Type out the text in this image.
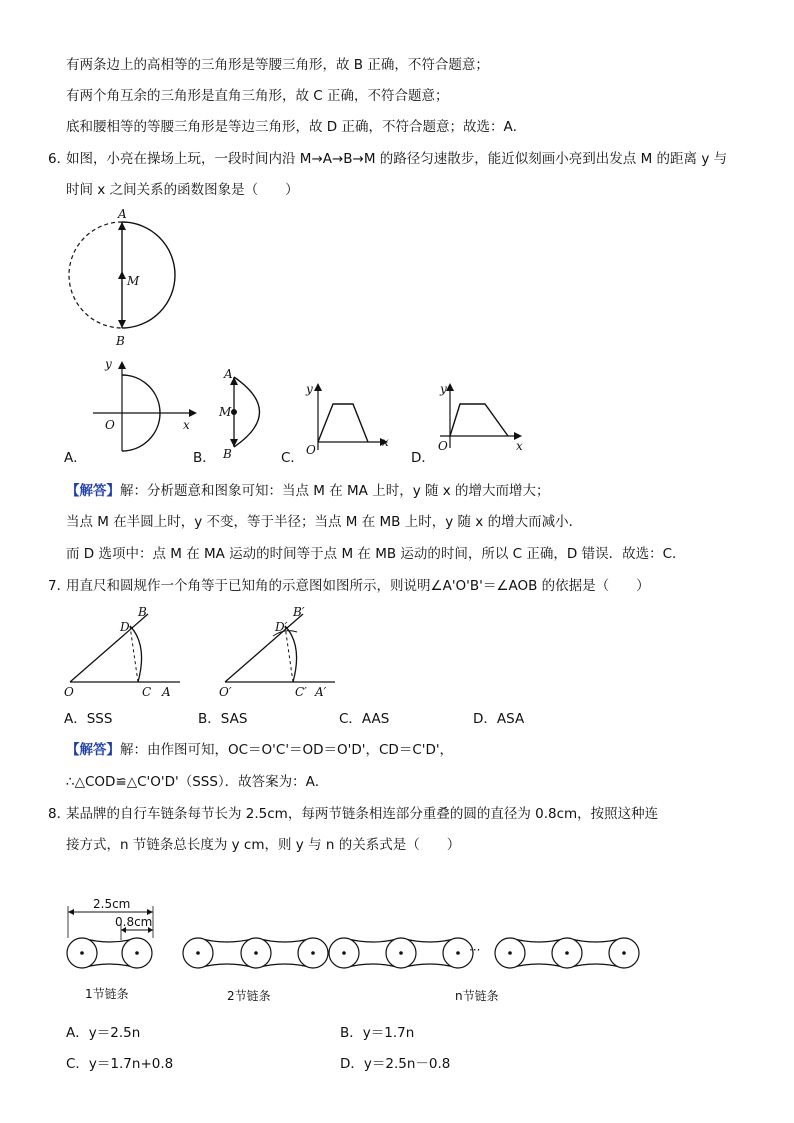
有两条边上的高相等的三角形是等腰三角形，故 B 正确，不符合题意；
有两个角互余的三角形是直角三角形，故 C 正确，不符合题意；
底和腰相等的等腰三角形是等边三角形，故 D 正确，不符合题意；故选：A．
6．
如图，小亮在操场上玩，一段时间内沿 M→A→B→M 的路径匀速散步，能近似刻画小亮到出发点 M 的距离 y 与
时间 x 之间关系的函数图象是（　　）
A
M
B
y
x
O
A．
A
M
B
B．
y
x
O
C．
y
x
O
D．
【解答】解：分析题意和图象可知：当点 M 在 MA 上时，y 随 x 的增大而增大；
当点 M 在半圆上时，y 不变，等于半径；当点 M 在 MB 上时，y 随 x 的增大而减小．
而 D 选项中：点 M 在 MA 运动的时间等于点 M 在 MB 运动的时间，所以 C 正确，D 错误．故选：C．
7．
用直尺和圆规作一个角等于已知角的示意图如图所示，则说明∠A'O'B'＝∠AOB 的依据是（　　）
B
D
O	C A
B′
D′
O′	C′ A′
A．SSS	B．SAS	C．AAS	D．ASA
【解答】解：由作图可知，OC＝O'C'＝OD＝O'D'，CD＝C'D'，
∴△COD≌△C'O'D'（SSS）．故答案为：A．
8．
某品牌的自行车链条每节长为 2.5cm，每两节链条相连部分重叠的圆的直径为 0.8cm，按照这种连
接方式，n 节链条总长度为 y cm，则 y 与 n 的关系式是（　　）
2.5cm
0.8cm
···
1节链条	2节链条	n节链条
A．y＝2.5n	B．y＝1.7n
C．y＝1.7n+0.8	D．y＝2.5n－0.8
